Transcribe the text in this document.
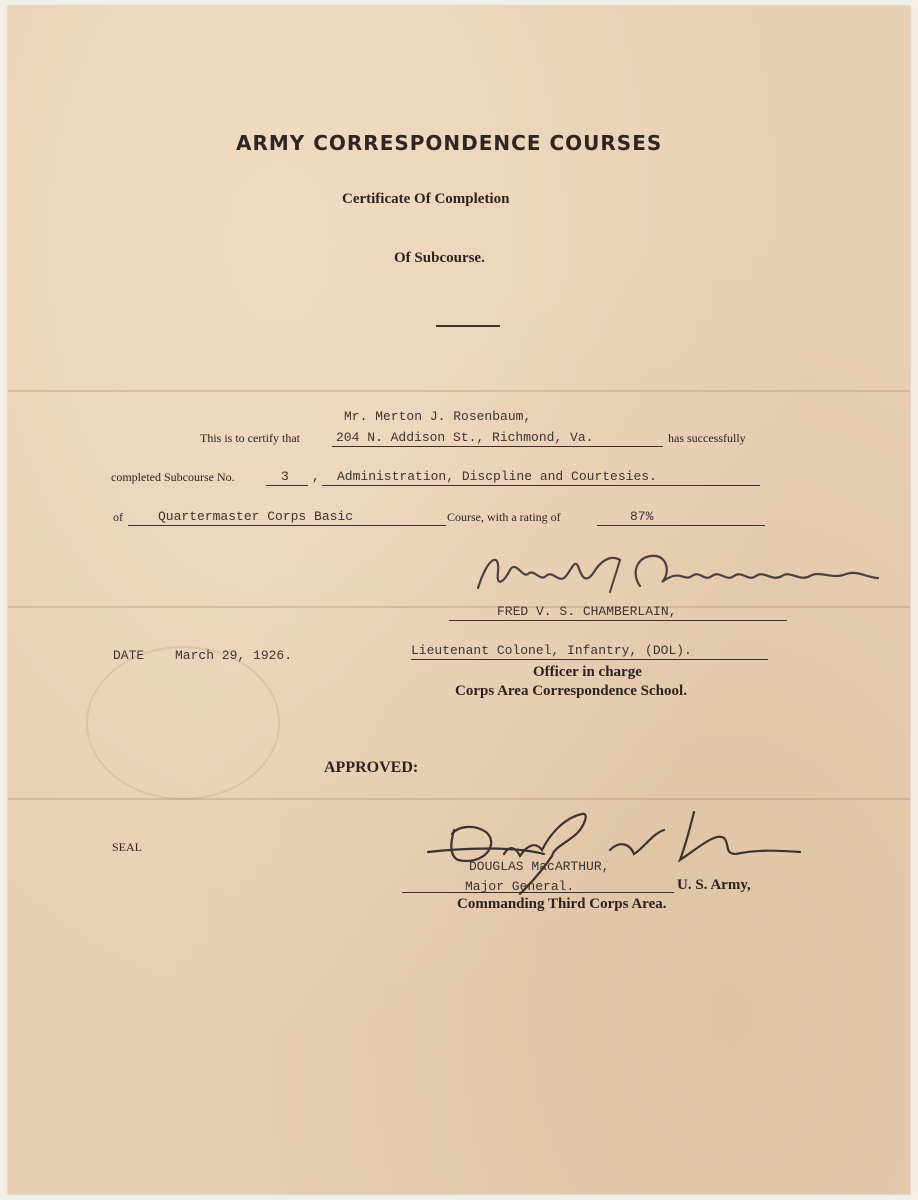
ARMY CORRESPONDENCE COURSES
Certificate Of Completion
Of Subcourse.
Mr. Merton J. Rosenbaum,
This is to certify that	204 N. Addison St., Richmond, Va.	has successfully
completed Subcourse No.	3 , Administration, Discpline and Courtesies.
of	Quartermaster Corps Basic	Course, with a rating of	87%
FRED V. S. CHAMBERLAIN,
DATE March 29, 1926.	Lieutenant Colonel, Infantry, (DOL).
Officer in charge
Corps Area Correspondence School.
APPROVED:
SEAL
DOUGLAS MacARTHUR,
Major General.	U. S. Army,
Commanding Third Corps Area.
